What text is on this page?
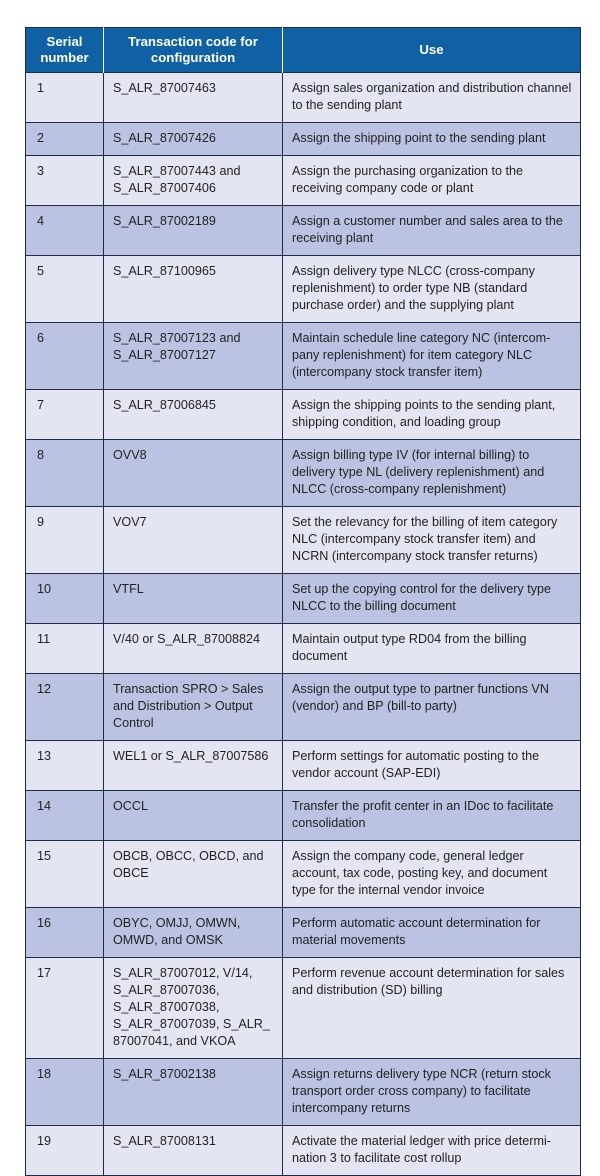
Serial number	Transaction code for configuration	Use
1	S_ALR_87007463	Assign sales organization and distribution channel to the sending plant
2	S_ALR_87007426	Assign the shipping point to the sending plant
3	S_ALR_87007443 and S_ALR_87007406	Assign the purchasing organization to the receiving company code or plant
4	S_ALR_87002189	Assign a customer number and sales area to the receiving plant
5	S_ALR_87100965	Assign delivery type NLCC (cross-company replenishment) to order type NB (standard purchase order) and the supplying plant
6	S_ALR_87007123 and S_ALR_87007127	Maintain schedule line category NC (intercom-pany replenishment) for item category NLC (intercompany stock transfer item)
7	S_ALR_87006845	Assign the shipping points to the sending plant, shipping condition, and loading group
8	OVV8	Assign billing type IV (for internal billing) to delivery type NL (delivery replenishment) and NLCC (cross-company replenishment)
9	VOV7	Set the relevancy for the billing of item category NLC (intercompany stock transfer item) and NCRN (intercompany stock transfer returns)
10	VTFL	Set up the copying control for the delivery type NLCC to the billing document
11	V/40 or S_ALR_87008824	Maintain output type RD04 from the billing document
12	Transaction SPRO > Sales and Distribution > Output Control	Assign the output type to partner functions VN (vendor) and BP (bill-to party)
13	WEL1 or S_ALR_87007586	Perform settings for automatic posting to the vendor account (SAP-EDI)
14	OCCL	Transfer the profit center in an IDoc to facilitate consolidation
15	OBCB, OBCC, OBCD, and OBCE	Assign the company code, general ledger account, tax code, posting key, and document type for the internal vendor invoice
16	OBYC, OMJJ, OMWN, OMWD, and OMSK	Perform automatic account determination for material movements
17	S_ALR_87007012, V/14, S_ALR_87007036, S_ALR_87007038, S_ALR_87007039, S_ALR_ 87007041, and VKOA	Perform revenue account determination for sales and distribution (SD) billing
18	S_ALR_87002138	Assign returns delivery type NCR (return stock transport order cross company) to facilitate intercompany returns
19	S_ALR_87008131	Activate the material ledger with price determi-nation 3 to facilitate cost rollup
